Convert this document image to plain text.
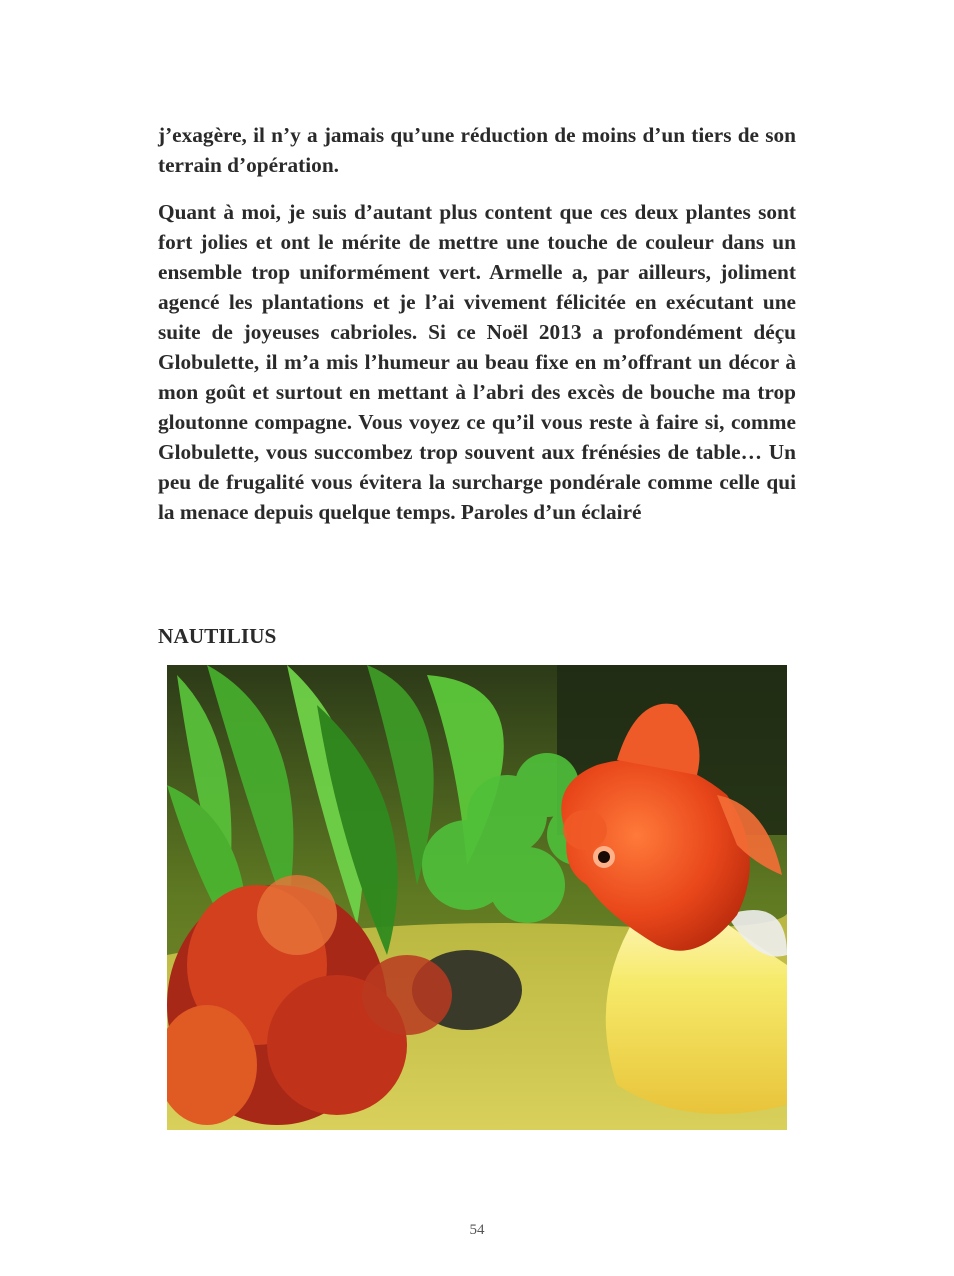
j’exagère, il n’y a jamais qu’une réduction de moins d’un tiers de son terrain d’opération.

Quant à moi, je suis d’autant plus content que ces deux plantes sont fort jolies et ont le mérite de mettre une touche de couleur dans un ensemble trop uniformément vert. Armelle a, par ailleurs, joliment agencé les plantations et je l’ai vivement félicitée en exécutant une suite de joyeuses cabrioles. Si ce Noël 2013 a profondément déçu Globulette, il m’a mis l’humeur au beau fixe en m’offrant un décor à mon goût et surtout en mettant à l’abri des excès de bouche ma trop gloutonne compagne. Vous voyez ce qu’il vous reste à faire si, comme Globulette, vous succombez trop souvent aux frénésies de table… Un peu de frugalité vous évitera la surcharge pondérale comme celle qui la menace depuis quelque temps. Paroles d’un éclairé

NAUTILIUS
54
